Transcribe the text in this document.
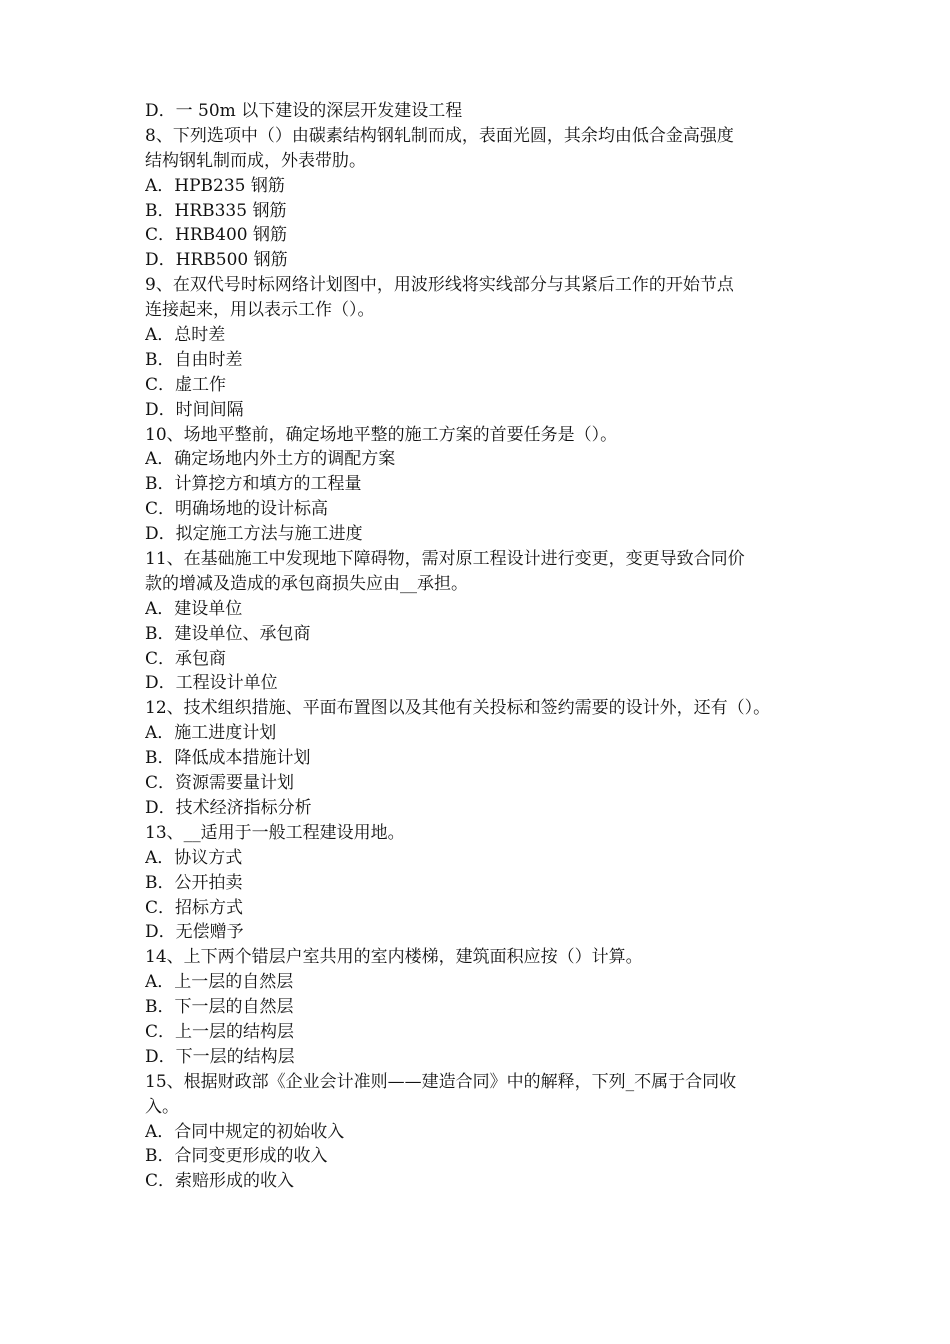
D．一 50m 以下建设的深层开发建设工程
8、下列选项中（）由碳素结构钢轧制而成，表面光圆，其余均由低合金高强度
结构钢轧制而成，外表带肋。
A．HPB235 钢筋
B．HRB335 钢筋
C．HRB400 钢筋
D．HRB500 钢筋
9、在双代号时标网络计划图中，用波形线将实线部分与其紧后工作的开始节点
连接起来，用以表示工作（）。
A．总时差
B．自由时差
C．虚工作
D．时间间隔
10、场地平整前，确定场地平整的施工方案的首要任务是（）。
A．确定场地内外土方的调配方案
B．计算挖方和填方的工程量
C．明确场地的设计标高
D．拟定施工方法与施工进度
11、在基础施工中发现地下障碍物，需对原工程设计进行变更，变更导致合同价
款的增减及造成的承包商损失应由__承担。
A．建设单位
B．建设单位、承包商
C．承包商
D．工程设计单位
12、技术组织措施、平面布置图以及其他有关投标和签约需要的设计外，还有（）。
A．施工进度计划
B．降低成本措施计划
C．资源需要量计划
D．技术经济指标分析
13、__适用于一般工程建设用地。
A．协议方式
B．公开拍卖
C．招标方式
D．无偿赠予
14、上下两个错层户室共用的室内楼梯，建筑面积应按（）计算。
A．上一层的自然层
B．下一层的自然层
C．上一层的结构层
D．下一层的结构层
15、根据财政部《企业会计准则——建造合同》中的解释，下列_不属于合同收
入。
A．合同中规定的初始收入
B．合同变更形成的收入
C．索赔形成的收入
